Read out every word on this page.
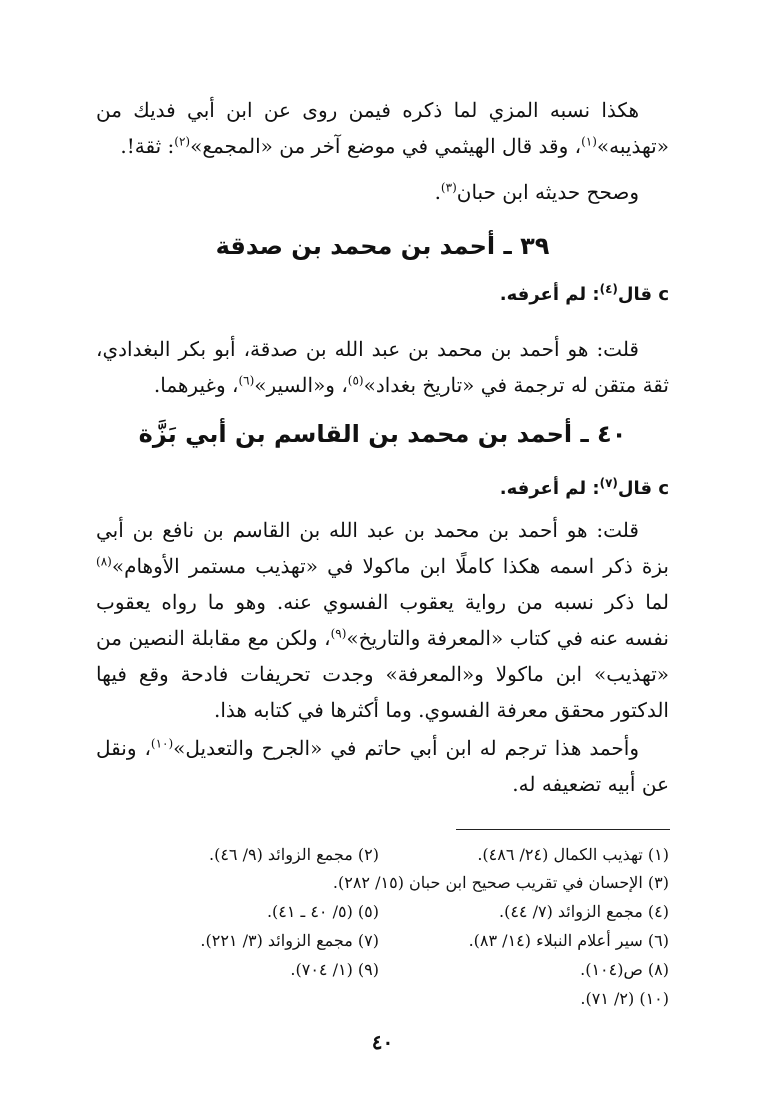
هكذا نسبه المزي لما ذكره فيمن روى عن ابن أبي فديك من «تهذيبه»$^{(١)}$، وقد قال الهيثمي في موضع آخر من «المجمع»$^{(٢)}$: ثقة!.

وصحح حديثه ابن حبان$^{(٣)}$.

٣٩ ـ أحمد بن محمد بن صدقة

c قال$^{(٤)}$: لم أعرفه.

قلت: هو أحمد بن محمد بن عبد الله بن صدقة، أبو بكر البغدادي، ثقة متقن له ترجمة في «تاريخ بغداد»$^{(٥)}$، و«السير»$^{(٦)}$، وغيرهما.

٤٠ ـ أحمد بن محمد بن القاسم بن أبي بَزَّة

c قال$^{(٧)}$: لم أعرفه.

قلت: هو أحمد بن محمد بن عبد الله بن القاسم بن نافع بن أبي بزة ذكر اسمه هكذا كاملًا ابن ماكولا في «تهذيب مستمر الأوهام»$^{(٨)}$ لما ذكر نسبه من رواية يعقوب الفسوي عنه. وهو ما رواه يعقوب نفسه عنه في كتاب «المعرفة والتاريخ»$^{(٩)}$، ولكن مع مقابلة النصين من «تهذيب» ابن ماكولا و«المعرفة» وجدت تحريفات فادحة وقع فيها الدكتور محقق معرفة الفسوي. وما أكثرها في كتابه هذا.

وأحمد هذا ترجم له ابن أبي حاتم في «الجرح والتعديل»$^{(١٠)}$، ونقل عن أبيه تضعيفه له.

(١) تهذيب الكمال (٢٤/ ٤٨٦).
(٢) مجمع الزوائد (٩/ ٤٦).
(٣) الإحسان في تقريب صحيح ابن حبان (١٥/ ٢٨٢).
(٤) مجمع الزوائد (٧/ ٤٤).
(٥) (٥/ ٤٠ ـ ٤١).
(٦) سير أعلام النبلاء (١٤/ ٨٣).
(٧) مجمع الزوائد (٣/ ٢٢١).
(٨) ص(١٠٤).
(٩) (١/ ٧٠٤).
(١٠) (٢/ ٧١).
٤٠
